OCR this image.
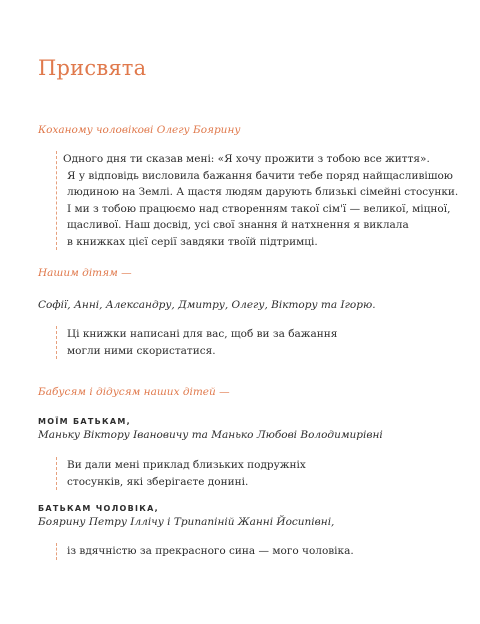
Присвята
Коханому чоловікові Олегу Боярину
Одного дня ти сказав мені: «Я хочу прожити з тобою все життя».
Я у відповідь висловила бажання бачити тебе поряд найщасливішою
людиною на Землі. А щастя людям дарують близькі сімейні стосунки.
І ми з тобою працюємо над створенням такої сім'ї — великої, міцної,
щасливої. Наш досвід, усі свої знання й натхнення я виклала
в книжках цієї серії завдяки твоїй підтримці.
Нашим дітям —
Софії, Анні, Александру, Дмитру, Олегу, Віктору та Ігорю.
Ці книжки написані для вас, щоб ви за бажання
могли ними скористатися.
Бабусям і дідусям наших дітей —
МОЇМ БАТЬКАМ,
Маньку Віктору Івановичу та Манько Любові Володимирівні
Ви дали мені приклад близьких подружніх
стосунків, які зберігаєте донині.
БАТЬКАМ ЧОЛОВІКА,
Боярину Петру Іллічу і Трипапіній Жанні Йосипівні,
із вдячністю за прекрасного сина — мого чоловіка.
